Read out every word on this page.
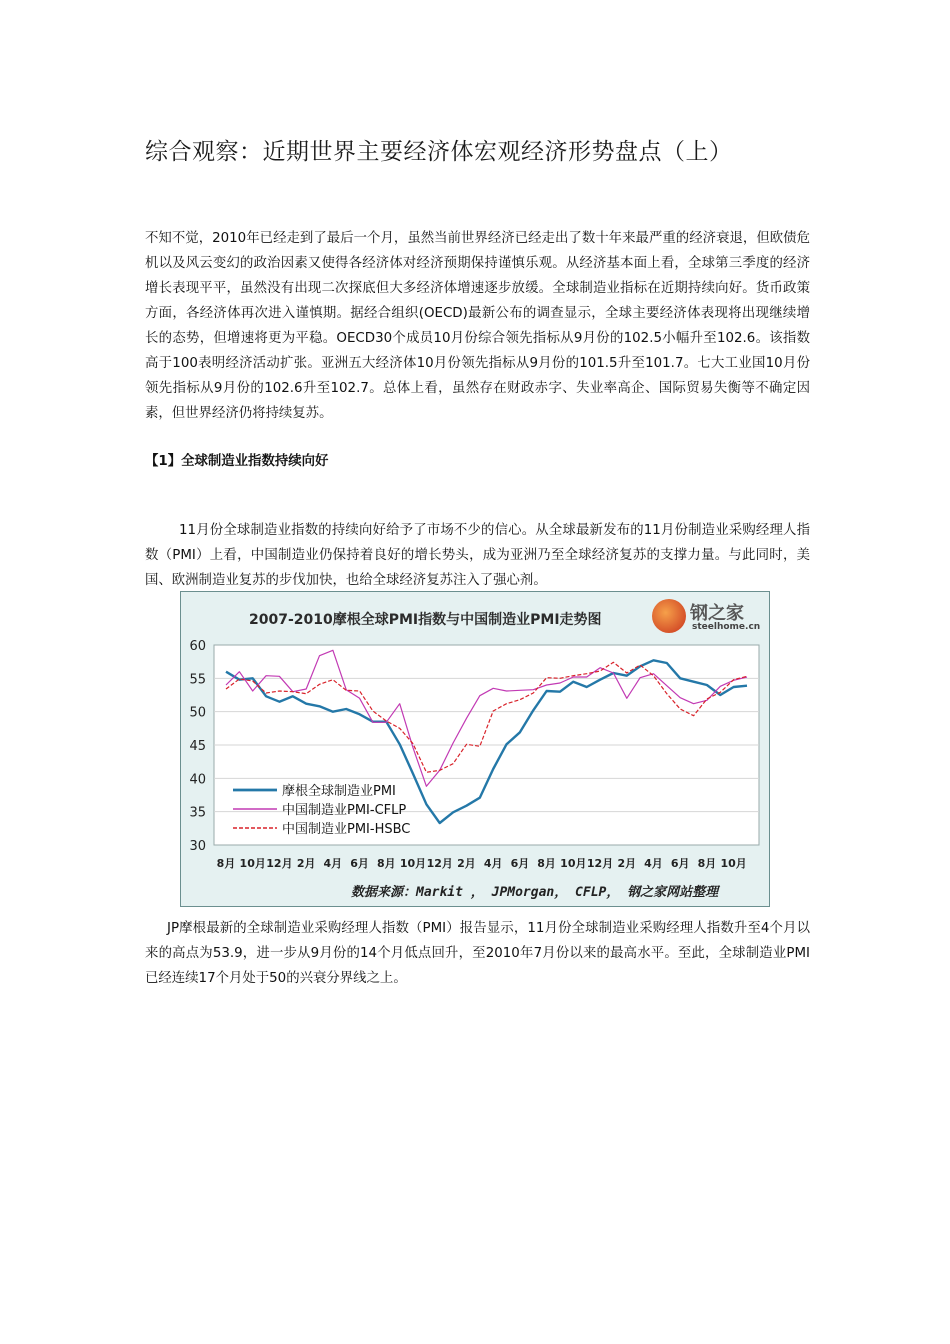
综合观察：近期世界主要经济体宏观经济形势盘点（上）

不知不觉，2010年已经走到了最后一个月，虽然当前世界经济已经走出了数十年来最严重的经济衰退，但欧债危机以及风云变幻的政治因素又使得各经济体对经济预期保持谨慎乐观。从经济基本面上看，全球第三季度的经济增长表现平平，虽然没有出现二次探底但大多经济体增速逐步放缓。全球制造业指标在近期持续向好。货币政策方面，各经济体再次进入谨慎期。据经合组织(OECD)最新公布的调查显示，全球主要经济体表现将出现继续增长的态势，但增速将更为平稳。OECD30个成员10月份综合领先指标从9月份的102.5小幅升至102.6。该指数高于100表明经济活动扩张。亚洲五大经济体10月份领先指标从9月份的101.5升至101.7。七大工业国10月份领先指标从9月份的102.6升至102.7。总体上看，虽然存在财政赤字、失业率高企、国际贸易失衡等不确定因素，但世界经济仍将持续复苏。

【1】全球制造业指数持续向好

11月份全球制造业指数的持续向好给予了市场不少的信心。从全球最新发布的11月份制造业采购经理人指数（PMI）上看，中国制造业仍保持着良好的增长势头，成为亚洲乃至全球经济复苏的支撑力量。与此同时，美国、欧洲制造业复苏的步伐加快，也给全球经济复苏注入了强心剂。

2007-2010摩根全球PMI指数与中国制造业PMI走势图
60
55
50
45
40
35
30
8月 10月 12月 2月 4月 6月 8月 10月 12月 2月 4月 6月 8月 10月 12月 2月 4月 6月 8月 10月
摩根全球制造业PMI
中国制造业PMI-CFLP
中国制造业PMI-HSBC
数据来源：Markit ， JPMorgan， CFLP， 钢之家网站整理
钢之家
steelhome.cn

JP摩根最新的全球制造业采购经理人指数（PMI）报告显示，11月份全球制造业采购经理人指数升至4个月以来的高点为53.9，进一步从9月份的14个月低点回升，至2010年7月份以来的最高水平。至此，全球制造业PMI已经连续17个月处于50的兴衰分界线之上。
